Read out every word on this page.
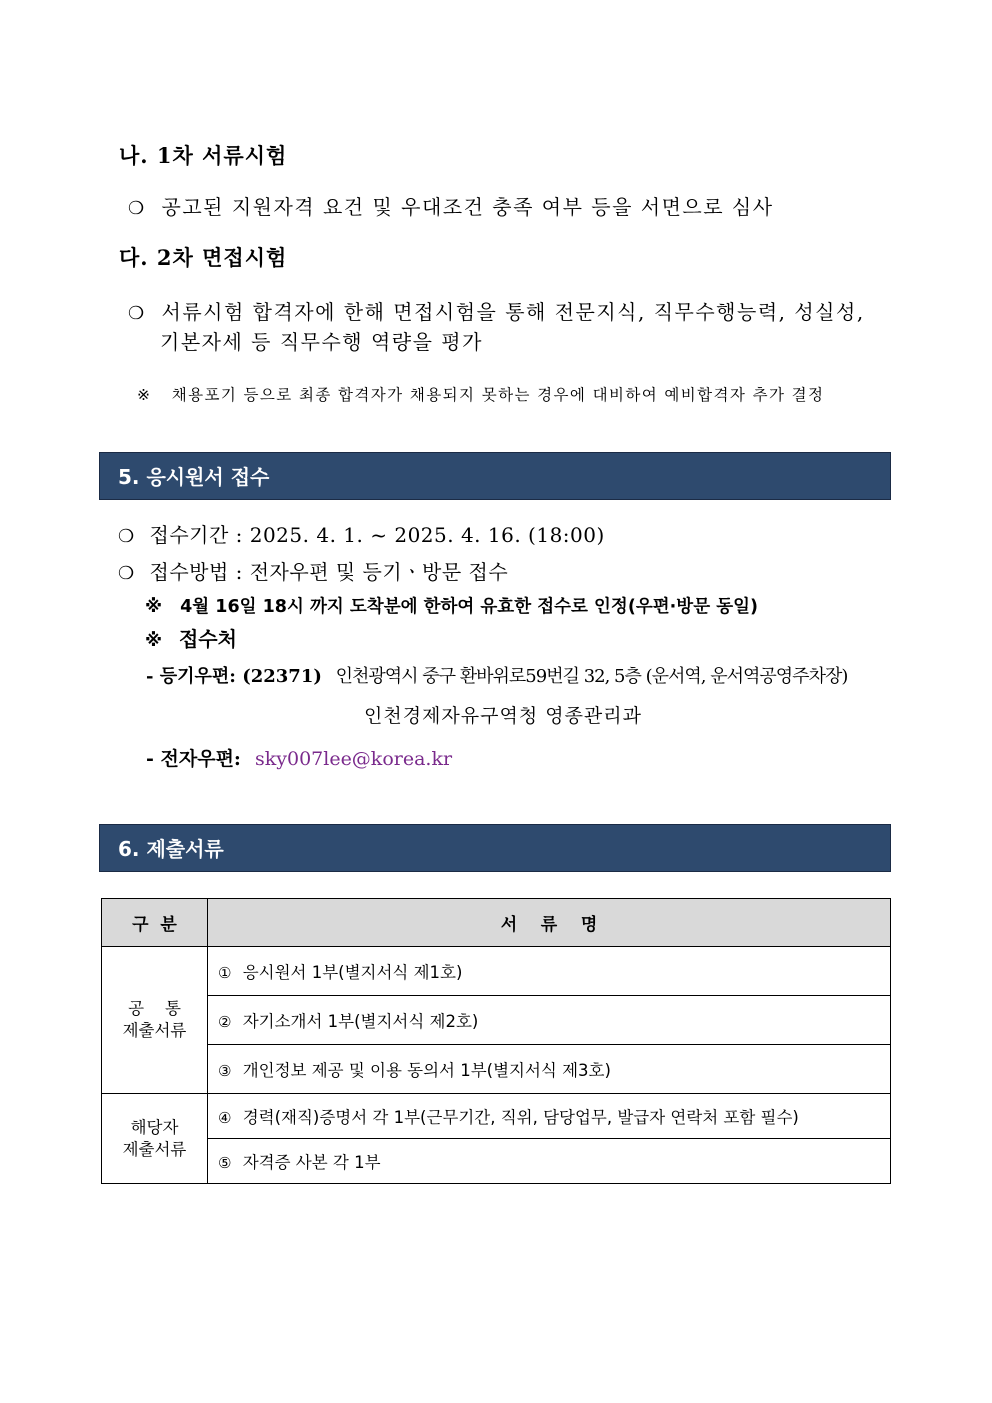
나. 1차 서류시험
❍ 공고된 지원자격 요건 및 우대조건 충족 여부 등을 서면으로 심사
다. 2차 면접시험
❍ 서류시험 합격자에 한해 면접시험을 통해 전문지식, 직무수행능력, 성실성,
기본자세 등 직무수행 역량을 평가
※ 채용포기 등으로 최종 합격자가 채용되지 못하는 경우에 대비하여 예비합격자 추가 결정
5. 응시원서 접수
❍ 접수기간 : 2025. 4. 1. ~ 2025. 4. 16. (18:00)
❍ 접수방법 : 전자우편 및 등기ㆍ방문 접수
※ 4월 16일 18시 까지 도착분에 한하여 유효한 접수로 인정(우편·방문 동일)
※ 접수처
- 등기우편: (22371) 인천광역시 중구 환바위로59번길 32, 5층 (운서역, 운서역공영주차장)
인천경제자유구역청 영종관리과
- 전자우편: sky007lee@korea.kr
6. 제출서류
구  분	서    류    명

공    통
제출서류	① 응시원서 1부(별지서식 제1호)
	② 자기소개서 1부(별지서식 제2호)
	③ 개인정보 제공 및 이용 동의서 1부(별지서식 제3호)

해당자
제출서류	④ 경력(재직)증명서 각 1부(근무기간, 직위, 담당업무, 발급자 연락처 포함 필수)
	⑤ 자격증 사본 각 1부
